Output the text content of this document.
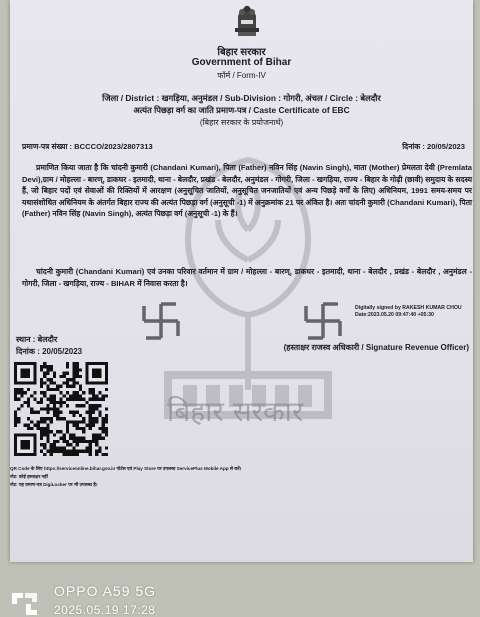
बिहार सरकार
बिहार सरकार
Government of Bihar
फॉर्म / Form-IV
जिला / District : खगड़िया, अनुमंडल / Sub-Division : गोगरी, अंचल / Circle : बेलदौर
अत्यंत पिछड़ा वर्ग का जाति प्रमाण-पत्र / Caste Certificate of EBC
(बिहार सरकार के प्रयोजनार्थ)
प्रमाण-पत्र संख्या : BCCCO/2023/2807313	दिनांक : 20/05/2023

प्रमाणित किया जाता है कि चांदनी कुमारी (Chandani Kumari), पिता (Father) नविन सिंह (Navin Singh), माता (Mother) प्रेमलता देवी (Premlata Devi),ग्राम / मोहल्ला - बारण्, डाकघर - इतमादी, थाना - बेलदौर, प्रखंड - बेलदौर, अनुमंडल - गोगरी, जिला - खगड़िया, राज्य - बिहार के गोढ़ी (छावी) समुदाय के सदस्य हैं, जो बिहार पदों एवं सेवाओं की रिक्तियों में आरक्षण (अनुसूचित जातियों, अनुसूचित जनजातियों एवं अन्य पिछड़े वर्गों के लिए) अधिनियम, 1991 समय-समय पर यथासंशोधित अधिनियम के अंतर्गत बिहार राज्य की अत्यंत पिछड़ा वर्ग (अनुसूची -1) में अनुक्रमांक 21 पर अंकित है। अतः चांदनी कुमारी (Chandani Kumari), पिता (Father) नविन सिंह (Navin Singh), अत्यंत पिछड़ा वर्ग (अनुसूची -1) के हैं।

चांदनी कुमारी (Chandani Kumari) एवं उनका परिवार वर्तमान में ग्राम / मोहल्ला - बारण्, डाकघर - इतमादी, थाना - बेलदौर , प्रखंड - बेलदौर , अनुमंडल - गोगरी, जिला - खगड़िया, राज्य - BIHAR में निवास करता है।

Digitally signed by RAKESH KUMAR CHOU
Date:2023.05.20 09:47:40 +05:30
स्थान : बेलदौर
दिनांक : 20/05/2023	(हस्ताक्षर राजस्व अधिकारी / Signature Revenue Officer)
QR Code के लिए https://serviceonline.bihar.gov.in पोर्टल एवं Play Store पर उपलब्ध ServicePlus Mobile App से करें।
नोट: कोई हस्ताक्षर नहीं
नोट: यह प्रमाण-पत्र DigiLocker पर भी उपलब्ध है।
OPPO A59 5G
2025.05.19 17:28
